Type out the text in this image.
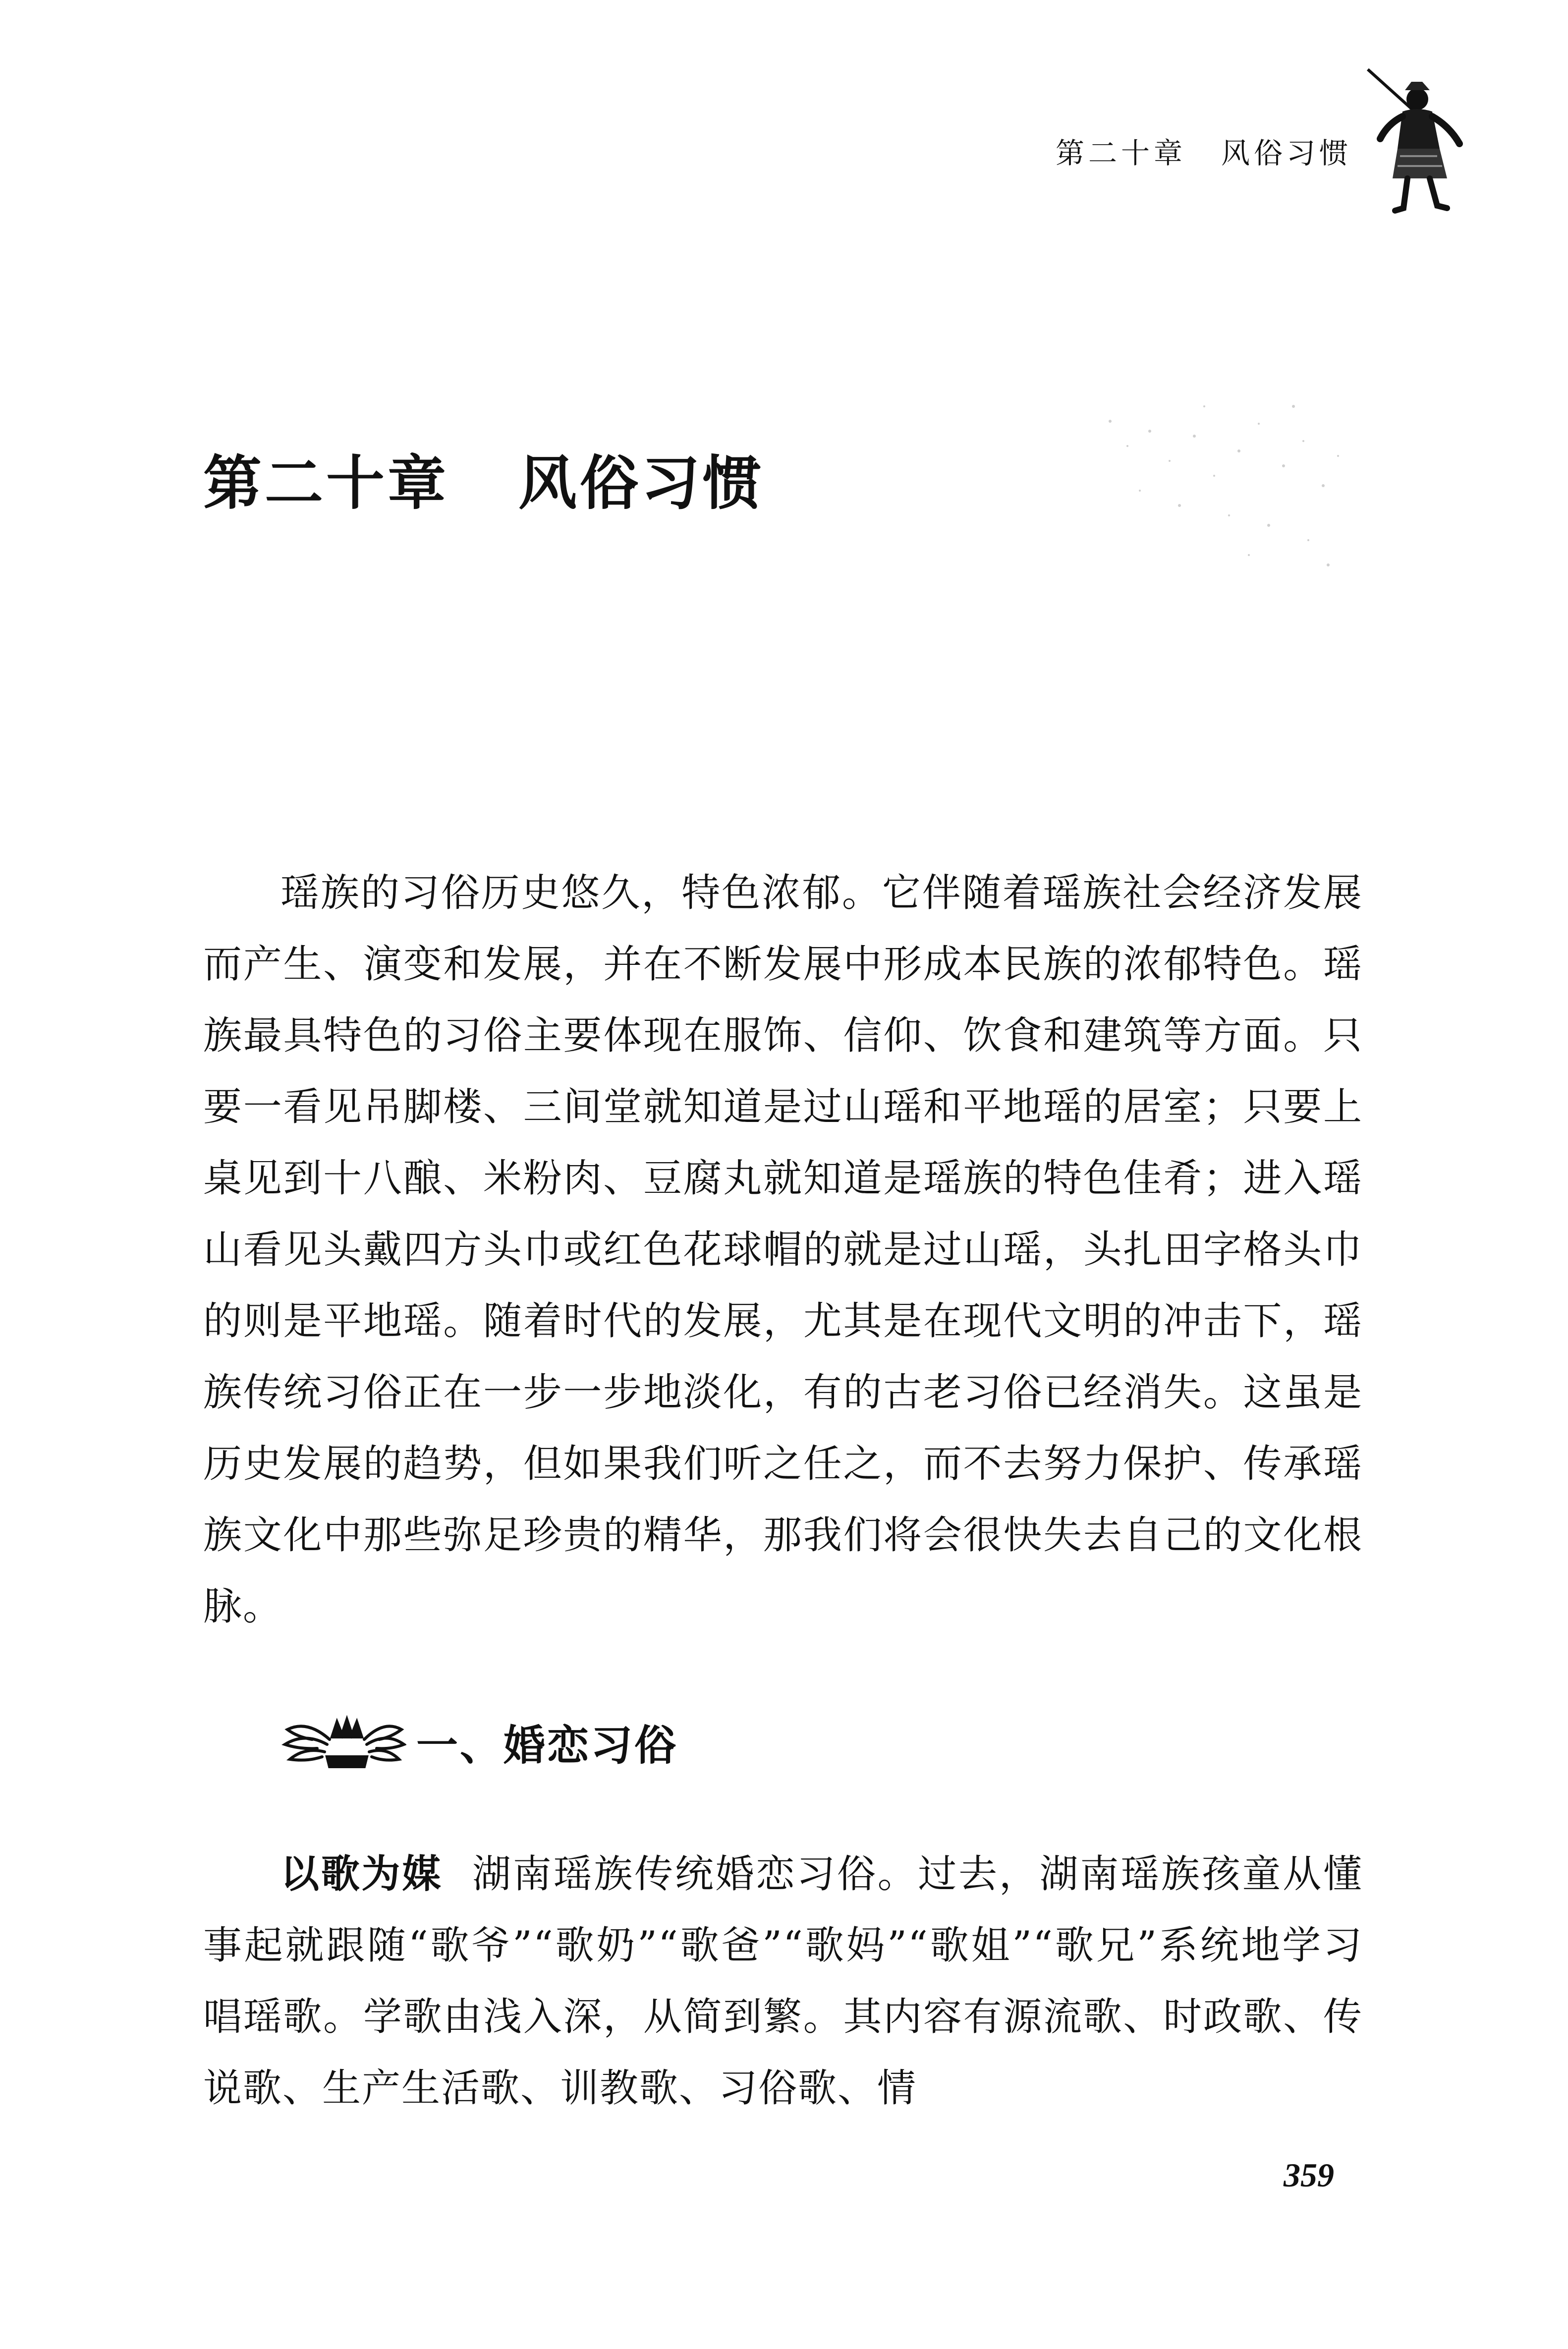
第二十章 风俗习惯
第二十章 风俗习惯

瑶族的习俗历史悠久，特色浓郁。它伴随着瑶族社会经济发展而产生、演变和发展，并在不断发展中形成本民族的浓郁特色。瑶族最具特色的习俗主要体现在服饰、信仰、饮食和建筑等方面。只要一看见吊脚楼、三间堂就知道是过山瑶和平地瑶的居室；只要上桌见到十八酿、米粉肉、豆腐丸就知道是瑶族的特色佳肴；进入瑶山看见头戴四方头巾或红色花球帽的就是过山瑶，头扎田字格头巾的则是平地瑶。随着时代的发展，尤其是在现代文明的冲击下，瑶族传统习俗正在一步一步地淡化，有的古老习俗已经消失。这虽是历史发展的趋势，但如果我们听之任之，而不去努力保护、传承瑶族文化中那些弥足珍贵的精华，那我们将会很快失去自己的文化根脉。

一、婚恋习俗

以歌为媒 湖南瑶族传统婚恋习俗。过去，湖南瑶族孩童从懂事起就跟随“歌爷”“歌奶”“歌爸”“歌妈”“歌姐”“歌兄”系统地学习唱瑶歌。学歌由浅入深，从简到繁。其内容有源流歌、时政歌、传说歌、生产生活歌、训教歌、习俗歌、情

359
